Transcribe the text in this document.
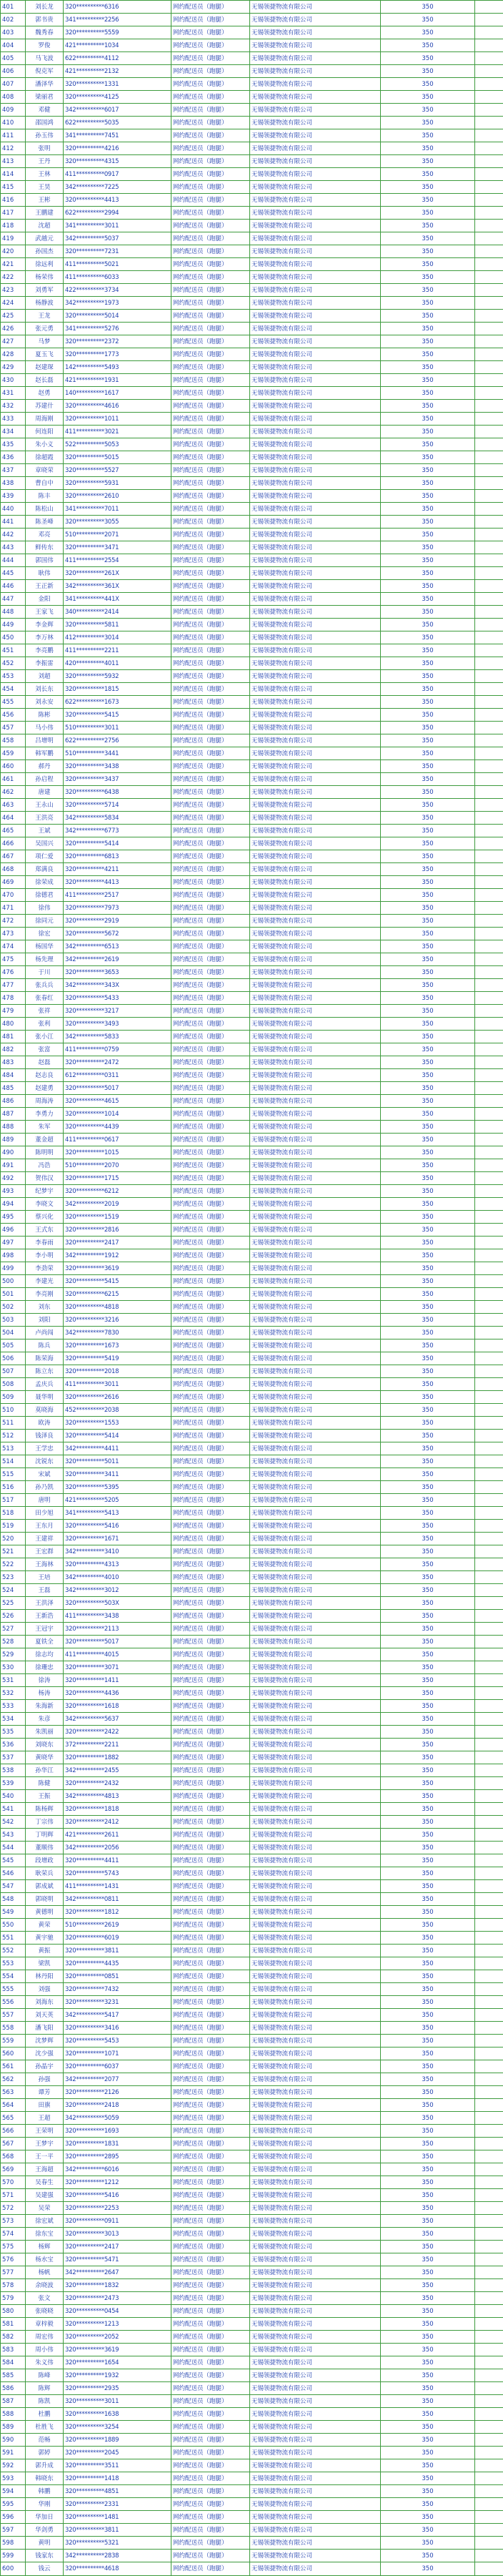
401	刘长龙	320**********6316	网约配送员（跑腿）	无锡领捷物流有限公司	350	
402	郭书贵	341**********2256	网约配送员（跑腿）	无锡领捷物流有限公司	350	
403	魏秀春	320**********5559	网约配送员（跑腿）	无锡领捷物流有限公司	350	
404	罗俊	421**********1034	网约配送员（跑腿）	无锡领捷物流有限公司	350	
405	马飞波	622**********4112	网约配送员（跑腿）	无锡领捷物流有限公司	350	
406	倪克军	421**********2132	网约配送员（跑腿）	无锡领捷物流有限公司	350	
407	潘泽华	320**********1331	网约配送员（跑腿）	无锡领捷物流有限公司	350	
408	梁丽君	320**********4125	网约配送员（跑腿）	无锡领捷物流有限公司	350	
409	邓健	342**********6017	网约配送员（跑腿）	无锡领捷物流有限公司	350	
410	邵国鸿	622**********5035	网约配送员（跑腿）	无锡领捷物流有限公司	350	
411	孙玉伟	341**********7451	网约配送员（跑腿）	无锡领捷物流有限公司	350	
412	张明	320**********4216	网约配送员（跑腿）	无锡领捷物流有限公司	350	
413	王丹	320**********4315	网约配送员（跑腿）	无锡领捷物流有限公司	350	
414	王林	411**********0917	网约配送员（跑腿）	无锡领捷物流有限公司	350	
415	王昊	342**********7225	网约配送员（跑腿）	无锡领捷物流有限公司	350	
416	王彬	320**********4413	网约配送员（跑腿）	无锡领捷物流有限公司	350	
417	王鹏建	622**********2994	网约配送员（跑腿）	无锡领捷物流有限公司	350	
418	沈超	341**********3011	网约配送员（跑腿）	无锡领捷物流有限公司	350	
419	武越元	342**********5037	网约配送员（跑腿）	无锡领捷物流有限公司	350	
420	孙国杰	320**********7231	网约配送员（跑腿）	无锡领捷物流有限公司	350	
421	徐远利	411**********5021	网约配送员（跑腿）	无锡领捷物流有限公司	350	
422	杨荣伟	411**********6033	网约配送员（跑腿）	无锡领捷物流有限公司	350	
423	刘勇军	422**********3734	网约配送员（跑腿）	无锡领捷物流有限公司	350	
424	杨静波	342**********1973	网约配送员（跑腿）	无锡领捷物流有限公司	350	
425	王龙	320**********5014	网约配送员（跑腿）	无锡领捷物流有限公司	350	
426	张元勇	341**********5276	网约配送员（跑腿）	无锡领捷物流有限公司	350	
427	马梦	320**********2372	网约配送员（跑腿）	无锡领捷物流有限公司	350	
428	夏玉飞	320**********1773	网约配送员（跑腿）	无锡领捷物流有限公司	350	
429	赵建琛	142**********5493	网约配送员（跑腿）	无锡领捷物流有限公司	350	
430	赵长磊	421**********1931	网约配送员（跑腿）	无锡领捷物流有限公司	350	
431	赵勇	140**********1617	网约配送员（跑腿）	无锡领捷物流有限公司	350	
432	苏建什	320**********4616	网约配送员（跑腿）	无锡领捷物流有限公司	350	
433	周海刚	320**********1011	网约配送员（跑腿）	无锡领捷物流有限公司	350	
434	何连阳	411**********3021	网约配送员（跑腿）	无锡领捷物流有限公司	350	
435	朱小义	522**********5053	网约配送员（跑腿）	无锡领捷物流有限公司	350	
436	徐超霞	320**********5015	网约配送员（跑腿）	无锡领捷物流有限公司	350	
437	章晓荣	320**********5527	网约配送员（跑腿）	无锡领捷物流有限公司	350	
438	曹自中	320**********5931	网约配送员（跑腿）	无锡领捷物流有限公司	350	
439	陈丰	320**********2610	网约配送员（跑腿）	无锡领捷物流有限公司	350	
440	陈松山	341**********7011	网约配送员（跑腿）	无锡领捷物流有限公司	350	
441	陈圣峰	320**********3055	网约配送员（跑腿）	无锡领捷物流有限公司	350	
442	邓亮	510**********2071	网约配送员（跑腿）	无锡领捷物流有限公司	350	
443	鲜传东	320**********3471	网约配送员（跑腿）	无锡领捷物流有限公司	350	
444	郭国伟	411**********2554	网约配送员（跑腿）	无锡领捷物流有限公司	350	
445	耿伟	320**********261X	网约配送员（跑腿）	无锡领捷物流有限公司	350	
446	王正新	342**********361X	网约配送员（跑腿）	无锡领捷物流有限公司	350	
447	金阳	341**********441X	网约配送员（跑腿）	无锡领捷物流有限公司	350	
448	王家飞	340**********2414	网约配送员（跑腿）	无锡领捷物流有限公司	350	
449	李金辉	320**********5811	网约配送员（跑腿）	无锡领捷物流有限公司	350	
450	李万林	412**********3014	网约配送员（跑腿）	无锡领捷物流有限公司	350	
451	李亮鹏	411**********2211	网约配送员（跑腿）	无锡领捷物流有限公司	350	
452	李振雷	420**********4011	网约配送员（跑腿）	无锡领捷物流有限公司	350	
453	刘超	320**********5932	网约配送员（跑腿）	无锡领捷物流有限公司	350	
454	刘长东	320**********1815	网约配送员（跑腿）	无锡领捷物流有限公司	350	
455	刘永安	622**********1673	网约配送员（跑腿）	无锡领捷物流有限公司	350	
456	陈彬	320**********5415	网约配送员（跑腿）	无锡领捷物流有限公司	350	
457	马小伟	510**********3011	网约配送员（跑腿）	无锡领捷物流有限公司	350	
458	吕增明	622**********2756	网约配送员（跑腿）	无锡领捷物流有限公司	350	
459	韩军鹏	510**********3441	网约配送员（跑腿）	无锡领捷物流有限公司	350	
460	郝丹	320**********3438	网约配送员（跑腿）	无锡领捷物流有限公司	350	
461	孙启程	320**********3437	网约配送员（跑腿）	无锡领捷物流有限公司	350	
462	唐建	320**********6438	网约配送员（跑腿）	无锡领捷物流有限公司	350	
463	王永山	320**********5714	网约配送员（跑腿）	无锡领捷物流有限公司	350	
464	王洪亮	342**********5834	网约配送员（跑腿）	无锡领捷物流有限公司	350	
465	王斌	342**********6773	网约配送员（跑腿）	无锡领捷物流有限公司	350	
466	吴国兴	320**********5414	网约配送员（跑腿）	无锡领捷物流有限公司	350	
467	项仁爱	320**********6813	网约配送员（跑腿）	无锡领捷物流有限公司	350	
468	郑满良	320**********4211	网约配送员（跑腿）	无锡领捷物流有限公司	350	
469	徐荣成	320**********4413	网约配送员（跑腿）	无锡领捷物流有限公司	350	
470	徐德君	411**********2517	网约配送员（跑腿）	无锡领捷物流有限公司	350	
471	徐伟	320**********7973	网约配送员（跑腿）	无锡领捷物流有限公司	350	
472	徐同元	320**********2919	网约配送员（跑腿）	无锡领捷物流有限公司	350	
473	徐宏	320**********5672	网约配送员（跑腿）	无锡领捷物流有限公司	350	
474	杨国华	342**********6513	网约配送员（跑腿）	无锡领捷物流有限公司	350	
475	杨先理	342**********2619	网约配送员（跑腿）	无锡领捷物流有限公司	350	
476	于川	320**********3653	网约配送员（跑腿）	无锡领捷物流有限公司	350	
477	张兵兵	342**********343X	网约配送员（跑腿）	无锡领捷物流有限公司	350	
478	张春红	320**********5433	网约配送员（跑腿）	无锡领捷物流有限公司	350	
479	张祥	320**********3217	网约配送员（跑腿）	无锡领捷物流有限公司	350	
480	张利	320**********3493	网约配送员（跑腿）	无锡领捷物流有限公司	350	
481	张小江	342**********5833	网约配送员（跑腿）	无锡领捷物流有限公司	350	
482	张富	411**********0759	网约配送员（跑腿）	无锡领捷物流有限公司	350	
483	赵磊	320**********2472	网约配送员（跑腿）	无锡领捷物流有限公司	350	
484	赵志良	612**********0311	网约配送员（跑腿）	无锡领捷物流有限公司	350	
485	赵建勇	320**********5017	网约配送员（跑腿）	无锡领捷物流有限公司	350	
486	周海涛	320**********4615	网约配送员（跑腿）	无锡领捷物流有限公司	350	
487	李勇力	320**********1014	网约配送员（跑腿）	无锡领捷物流有限公司	350	
488	朱军	320**********4439	网约配送员（跑腿）	无锡领捷物流有限公司	350	
489	董金超	411**********0617	网约配送员（跑腿）	无锡领捷物流有限公司	350	
490	陈明明	320**********1015	网约配送员（跑腿）	无锡领捷物流有限公司	350	
491	冯浩	510**********2070	网约配送员（跑腿）	无锡领捷物流有限公司	350	
492	贺伟汉	320**********1715	网约配送员（跑腿）	无锡领捷物流有限公司	350	
493	纪梦宇	320**********6212	网约配送员（跑腿）	无锡领捷物流有限公司	350	
494	李晓文	342**********2019	网约配送员（跑腿）	无锡领捷物流有限公司	350	
495	蔡兴化	320**********1519	网约配送员（跑腿）	无锡领捷物流有限公司	350	
496	王式东	320**********2816	网约配送员（跑腿）	无锡领捷物流有限公司	350	
497	李春雨	320**********2417	网约配送员（跑腿）	无锡领捷物流有限公司	350	
498	李小明	342**********1912	网约配送员（跑腿）	无锡领捷物流有限公司	350	
499	李劲荣	320**********3619	网约配送员（跑腿）	无锡领捷物流有限公司	350	
500	李建光	320**********5415	网约配送员（跑腿）	无锡领捷物流有限公司	350	
501	李亮刚	320**********6215	网约配送员（跑腿）	无锡领捷物流有限公司	350	
502	刘东	320**********4818	网约配送员（跑腿）	无锡领捷物流有限公司	350	
503	刘阳	320**********3216	网约配送员（跑腿）	无锡领捷物流有限公司	350	
504	卢尚闯	342**********7830	网约配送员（跑腿）	无锡领捷物流有限公司	350	
505	陈兵	320**********1673	网约配送员（跑腿）	无锡领捷物流有限公司	350	
506	陈荣海	320**********5419	网约配送员（跑腿）	无锡领捷物流有限公司	350	
507	陈立东	320**********2018	网约配送员（跑腿）	无锡领捷物流有限公司	350	
508	孟庆兵	411**********3011	网约配送员（跑腿）	无锡领捷物流有限公司	350	
509	聂华明	320**********2616	网约配送员（跑腿）	无锡领捷物流有限公司	350	
510	莫晓海	452**********2038	网约配送员（跑腿）	无锡领捷物流有限公司	350	
511	欧涛	320**********1553	网约配送员（跑腿）	无锡领捷物流有限公司	350	
512	钱泽良	320**********5414	网约配送员（跑腿）	无锡领捷物流有限公司	350	
513	王学忠	342**********4411	网约配送员（跑腿）	无锡领捷物流有限公司	350	
514	沈锐东	320**********5011	网约配送员（跑腿）	无锡领捷物流有限公司	350	
515	宋斌	320**********3411	网约配送员（跑腿）	无锡领捷物流有限公司	350	
516	孙乃凯	320**********5395	网约配送员（跑腿）	无锡领捷物流有限公司	350	
517	唐明	421**********5205	网约配送员（跑腿）	无锡领捷物流有限公司	350	
518	田少旭	341**********5413	网约配送员（跑腿）	无锡领捷物流有限公司	350	
519	王东月	320**********5416	网约配送员（跑腿）	无锡领捷物流有限公司	350	
520	王建祥	320**********1671	网约配送员（跑腿）	无锡领捷物流有限公司	350	
521	王宏群	342**********3410	网约配送员（跑腿）	无锡领捷物流有限公司	350	
522	王海林	320**********4313	网约配送员（跑腿）	无锡领捷物流有限公司	350	
523	王培	342**********4010	网约配送员（跑腿）	无锡领捷物流有限公司	350	
524	王磊	342**********3012	网约配送员（跑腿）	无锡领捷物流有限公司	350	
525	王洪泽	320**********503X	网约配送员（跑腿）	无锡领捷物流有限公司	350	
526	王新浩	411**********3438	网约配送员（跑腿）	无锡领捷物流有限公司	350	
527	王冠宇	320**********2113	网约配送员（跑腿）	无锡领捷物流有限公司	350	
528	夏铁全	320**********5017	网约配送员（跑腿）	无锡领捷物流有限公司	350	
529	徐志均	411**********4015	网约配送员（跑腿）	无锡领捷物流有限公司	350	
530	徐珊忠	320**********3071	网约配送员（跑腿）	无锡领捷物流有限公司	350	
531	徐涛	320**********1411	网约配送员（跑腿）	无锡领捷物流有限公司	350	
532	杨涛	320**********4436	网约配送员（跑腿）	无锡领捷物流有限公司	350	
533	朱海新	320**********1618	网约配送员（跑腿）	无锡领捷物流有限公司	350	
534	朱彦	342**********5637	网约配送员（跑腿）	无锡领捷物流有限公司	350	
535	朱凯丽	320**********2422	网约配送员（跑腿）	无锡领捷物流有限公司	350	
536	刘晓东	372**********2211	网约配送员（跑腿）	无锡领捷物流有限公司	350	
537	黄晓华	320**********1882	网约配送员（跑腿）	无锡领捷物流有限公司	350	
538	孙华江	342**********2455	网约配送员（跑腿）	无锡领捷物流有限公司	350	
539	陈健	320**********2432	网约配送员（跑腿）	无锡领捷物流有限公司	350	
540	王振	342**********4813	网约配送员（跑腿）	无锡领捷物流有限公司	350	
541	陈杨辉	320**********1818	网约配送员（跑腿）	无锡领捷物流有限公司	350	
542	丁宗伟	320**********2412	网约配送员（跑腿）	无锡领捷物流有限公司	350	
543	丁明辉	421**********2611	网约配送员（跑腿）	无锡领捷物流有限公司	350	
544	董顺伟	342**********2056	网约配送员（跑腿）	无锡领捷物流有限公司	350	
545	段增政	320**********4411	网约配送员（跑腿）	无锡领捷物流有限公司	350	
546	耿荣兵	320**********5743	网约配送员（跑腿）	无锡领捷物流有限公司	350	
547	郭成斌	411**********1431	网约配送员（跑腿）	无锡领捷物流有限公司	350	
548	郭晓明	342**********0811	网约配送员（跑腿）	无锡领捷物流有限公司	350	
549	黄德明	320**********1812	网约配送员（跑腿）	无锡领捷物流有限公司	350	
550	黄荣	510**********2619	网约配送员（跑腿）	无锡领捷物流有限公司	350	
551	黄宇驰	320**********6019	网约配送员（跑腿）	无锡领捷物流有限公司	350	
552	黄振	320**********3811	网约配送员（跑腿）	无锡领捷物流有限公司	350	
553	梁凯	320**********4435	网约配送员（跑腿）	无锡领捷物流有限公司	350	
554	林丹阳	320**********0851	网约配送员（跑腿）	无锡领捷物流有限公司	350	
555	刘强	320**********7432	网约配送员（跑腿）	无锡领捷物流有限公司	350	
556	刘海东	320**********3231	网约配送员（跑腿）	无锡领捷物流有限公司	350	
557	刘天英	342**********5417	网约配送员（跑腿）	无锡领捷物流有限公司	350	
558	潘飞阳	320**********3416	网约配送员（跑腿）	无锡领捷物流有限公司	350	
559	沈梦辉	320**********5453	网约配送员（跑腿）	无锡领捷物流有限公司	350	
560	沈少强	320**********1071	网约配送员（跑腿）	无锡领捷物流有限公司	350	
561	孙晶宇	320**********6037	网约配送员（跑腿）	无锡领捷物流有限公司	350	
562	孙强	342**********2077	网约配送员（跑腿）	无锡领捷物流有限公司	350	
563	谭芳	320**********2126	网约配送员（跑腿）	无锡领捷物流有限公司	350	
564	田旗	320**********2418	网约配送员（跑腿）	无锡领捷物流有限公司	350	
565	王超	342**********5059	网约配送员（跑腿）	无锡领捷物流有限公司	350	
566	王荣明	320**********1693	网约配送员（跑腿）	无锡领捷物流有限公司	350	
567	王梦宇	320**********1831	网约配送员（跑腿）	无锡领捷物流有限公司	350	
568	王一平	320**********2895	网约配送员（跑腿）	无锡领捷物流有限公司	350	
569	王海超	342**********6016	网约配送员（跑腿）	无锡领捷物流有限公司	350	
570	吴春生	320**********1212	网约配送员（跑腿）	无锡领捷物流有限公司	350	
571	吴建强	320**********5416	网约配送员（跑腿）	无锡领捷物流有限公司	350	
572	吴荣	320**********2253	网约配送员（跑腿）	无锡领捷物流有限公司	350	
573	徐宏斌	320**********0911	网约配送员（跑腿）	无锡领捷物流有限公司	350	
574	徐东宝	320**********3013	网约配送员（跑腿）	无锡领捷物流有限公司	350	
575	杨辉	320**********2417	网约配送员（跑腿）	无锡领捷物流有限公司	350	
576	杨水宝	320**********5471	网约配送员（跑腿）	无锡领捷物流有限公司	350	
577	杨帆	342**********2647	网约配送员（跑腿）	无锡领捷物流有限公司	350	
578	余晓波	320**********1832	网约配送员（跑腿）	无锡领捷物流有限公司	350	
579	张文	320**********2473	网约配送员（跑腿）	无锡领捷物流有限公司	350	
580	张晓晓	320**********0454	网约配送员（跑腿）	无锡领捷物流有限公司	350	
581	章梓毅	320**********1213	网约配送员（跑腿）	无锡领捷物流有限公司	350	
582	周宏伟	320**********2052	网约配送员（跑腿）	无锡领捷物流有限公司	350	
583	周小伟	320**********3619	网约配送员（跑腿）	无锡领捷物流有限公司	350	
584	朱义伟	320**********1654	网约配送员（跑腿）	无锡领捷物流有限公司	350	
585	陈峰	320**********1932	网约配送员（跑腿）	无锡领捷物流有限公司	350	
586	陈辉	320**********2935	网约配送员（跑腿）	无锡领捷物流有限公司	350	
587	陈凯	320**********3011	网约配送员（跑腿）	无锡领捷物流有限公司	350	
588	杜鹏	320**********1638	网约配送员（跑腿）	无锡领捷物流有限公司	350	
589	杜胜飞	320**********3254	网约配送员（跑腿）	无锡领捷物流有限公司	350	
590	范畅	320**********1889	网约配送员（跑腿）	无锡领捷物流有限公司	350	
591	郭婷	320**********2045	网约配送员（跑腿）	无锡领捷物流有限公司	350	
592	郭升成	320**********3511	网约配送员（跑腿）	无锡领捷物流有限公司	350	
593	韩晓东	320**********1418	网约配送员（跑腿）	无锡领捷物流有限公司	350	
594	韩鹏	320**********4851	网约配送员（跑腿）	无锡领捷物流有限公司	350	
595	华刚	320**********2331	网约配送员（跑腿）	无锡领捷物流有限公司	350	
596	华加日	320**********1481	网约配送员（跑腿）	无锡领捷物流有限公司	350	
597	华剑勇	320**********3811	网约配送员（跑腿）	无锡领捷物流有限公司	350	
598	黄明	320**********5321	网约配送员（跑腿）	无锡领捷物流有限公司	350	
599	钱家东	342**********2838	网约配送员（跑腿）	无锡领捷物流有限公司	350	
600	钱云	320**********4618	网约配送员（跑腿）	无锡领捷物流有限公司	350	
